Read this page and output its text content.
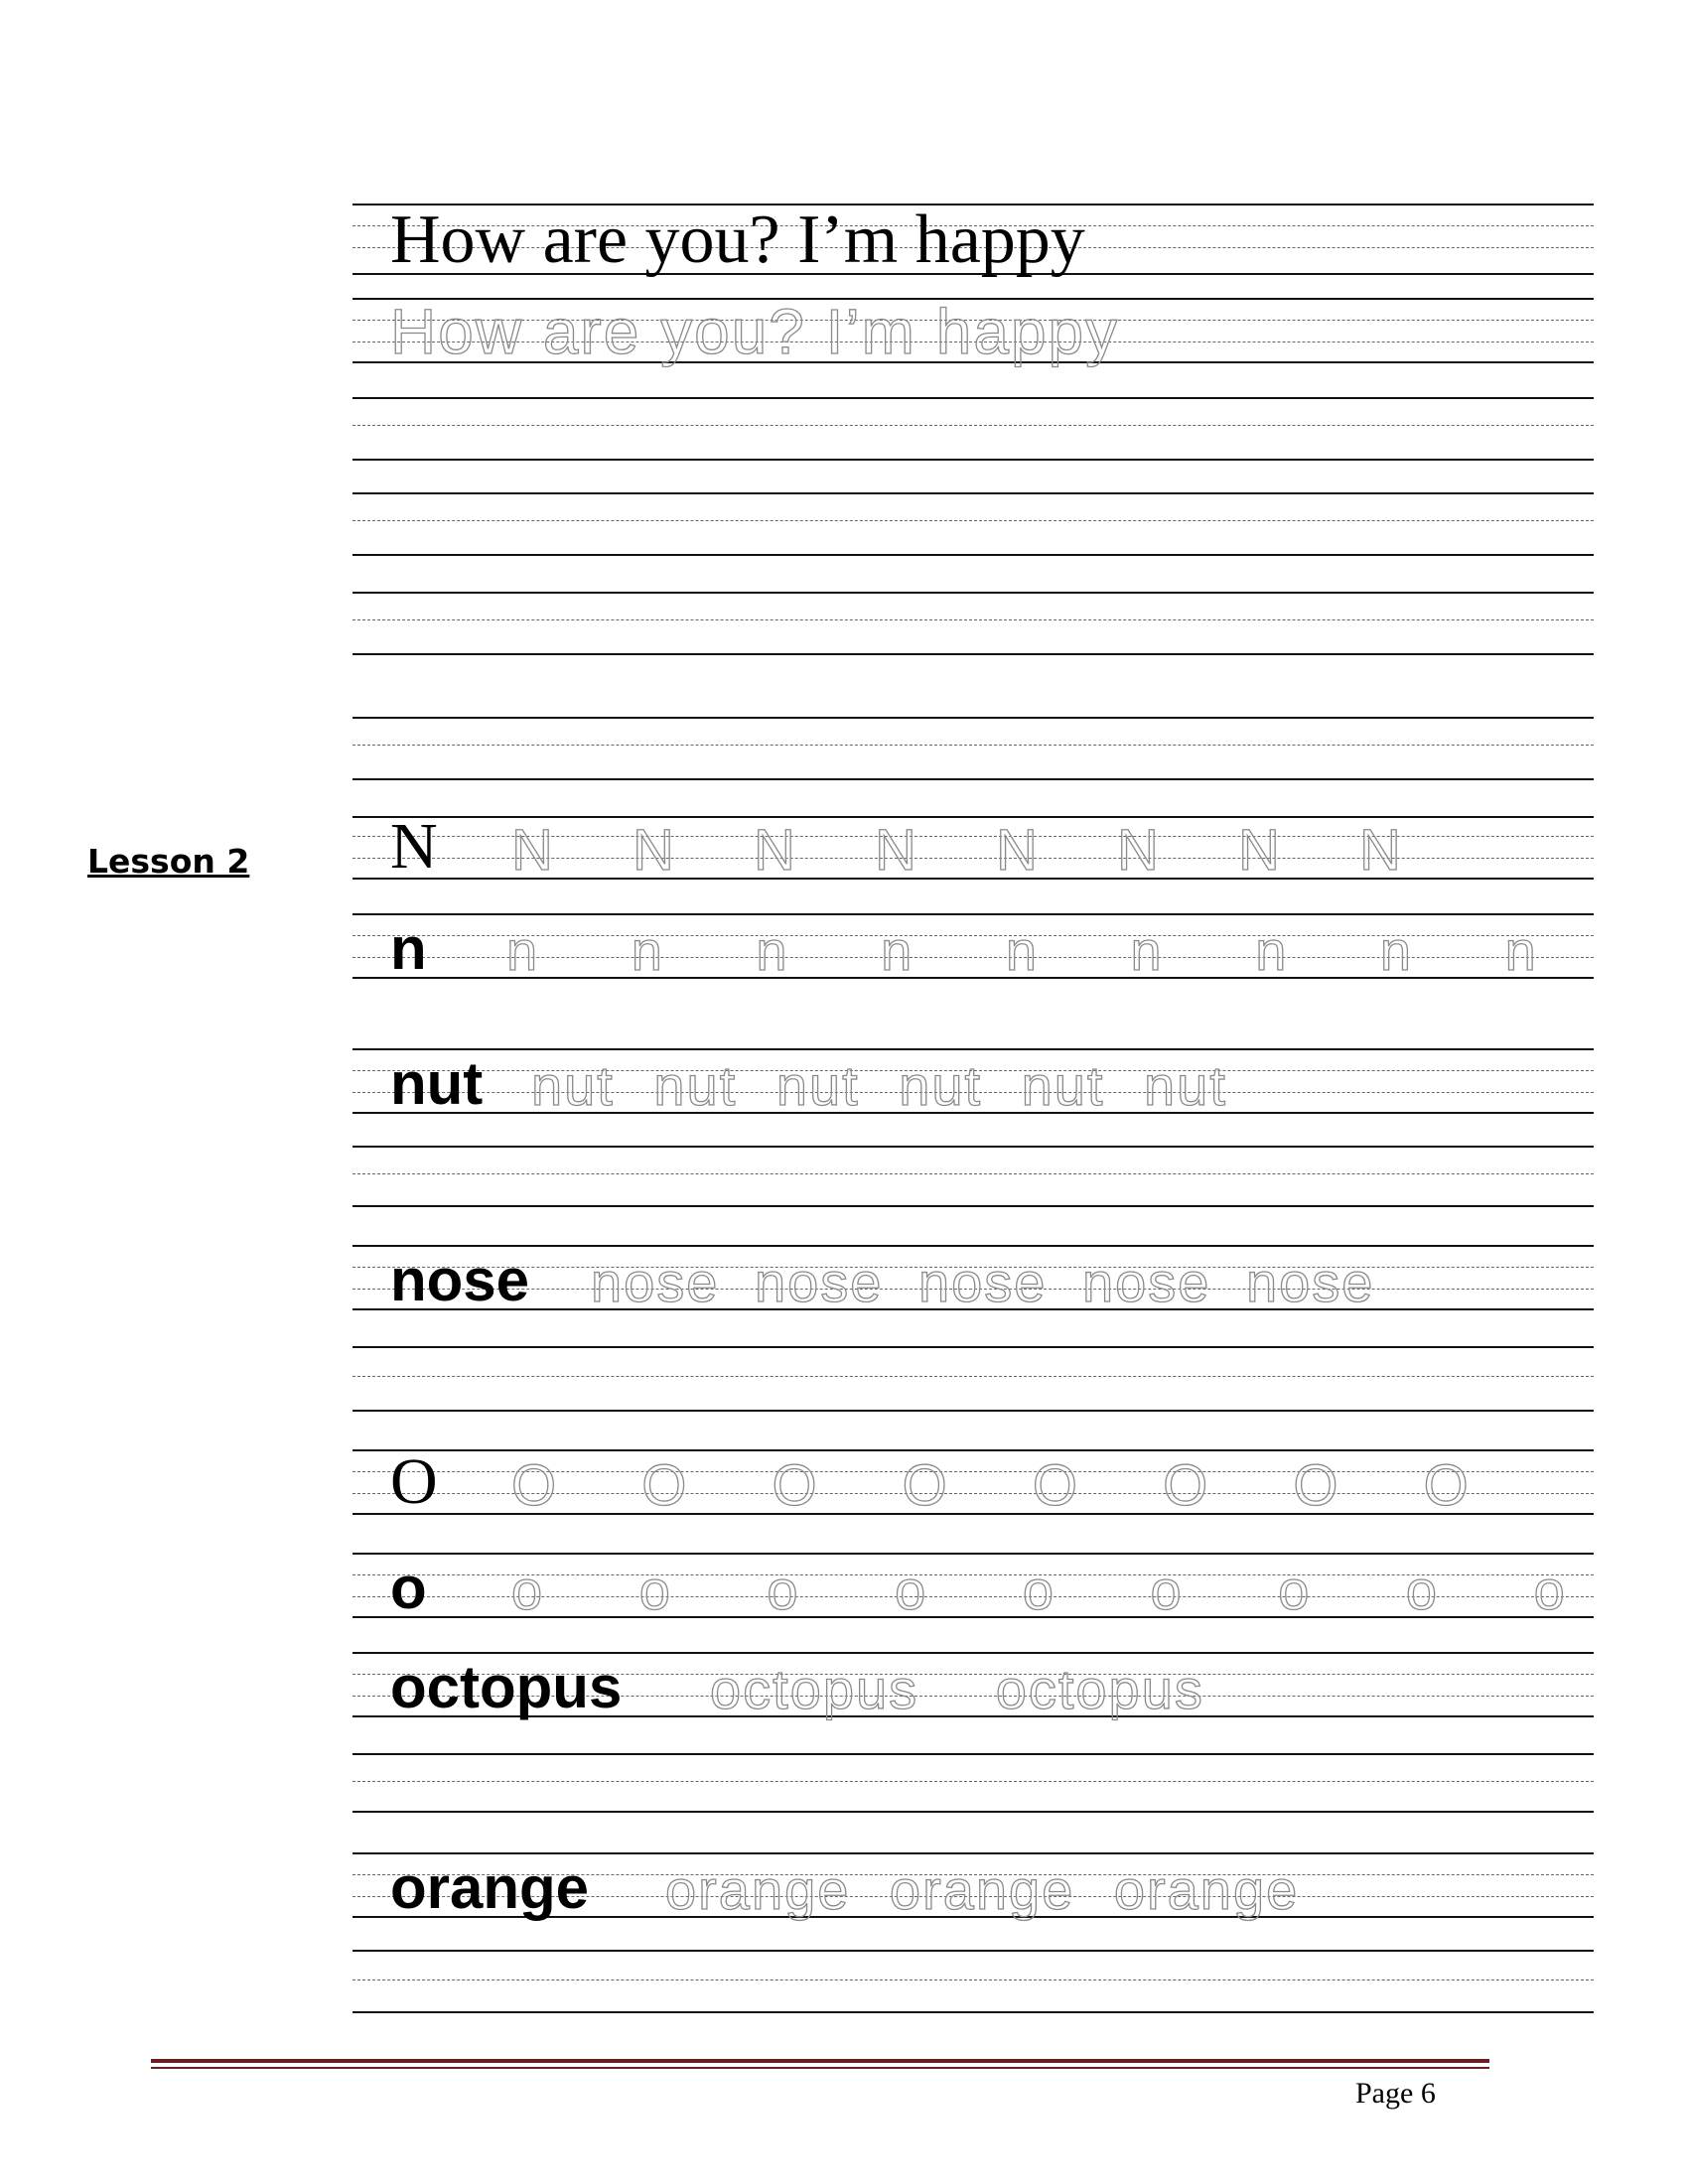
How are you? I’m happy
How are you? I’m happy
Lesson 2 N N N N N N N N N
n n n n n n n n n n
nut nut nut nut nut nut nut
nose nose nose nose nose nose
O O O O O O O O O
o o o o o o o o o o
octopus octopus octopus
orange orange orange orange
Page 6
